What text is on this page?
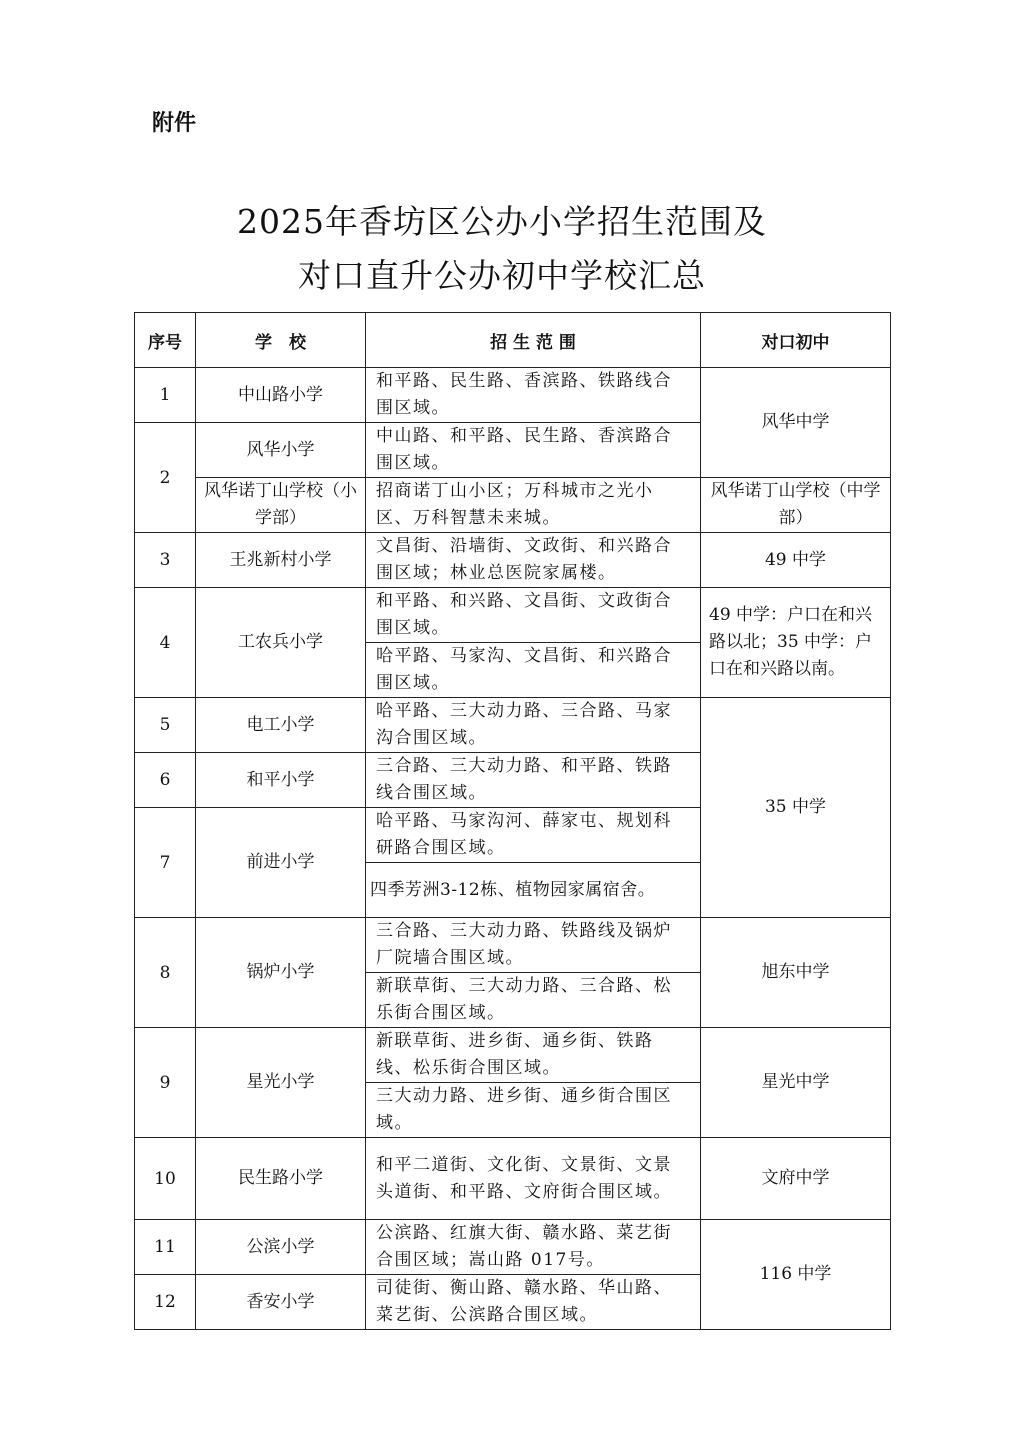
附件
2025年香坊区公办小学招生范围及
对口直升公办初中学校汇总
序号	学　校	招 生 范 围	对口初中
1	中山路小学	和平路、民生路、香滨路、铁路线合围区域。	风华中学
2	风华小学	中山路、和平路、民生路、香滨路合围区域。	
	风华诺丁山学校（小学部）	招商诺丁山小区；万科城市之光小区、万科智慧未来城。	风华诺丁山学校（中学部）
3	王兆新村小学	文昌街、沿墙街、文政街、和兴路合围区域；林业总医院家属楼。	49 中学
4	工农兵小学	和平路、和兴路、文昌街、文政街合围区域。	49 中学：户口在和兴路以北；35 中学：户口在和兴路以南。
		哈平路、马家沟、文昌街、和兴路合围区域。	
5	电工小学	哈平路、三大动力路、三合路、马家沟合围区域。	35 中学
6	和平小学	三合路、三大动力路、和平路、铁路线合围区域。	
7	前进小学	哈平路、马家沟河、薛家屯、规划科研路合围区域。	
		四季芳洲3-12栋、植物园家属宿舍。	
8	锅炉小学	三合路、三大动力路、铁路线及锅炉厂院墙合围区域。	旭东中学
		新联草街、三大动力路、三合路、松乐街合围区域。	
9	星光小学	新联草街、进乡街、通乡街、铁路线、松乐街合围区域。	星光中学
		三大动力路、进乡街、通乡街合围区域。	
10	民生路小学	和平二道街、文化街、文景街、文景头道街、和平路、文府街合围区域。	文府中学
11	公滨小学	公滨路、红旗大街、赣水路、菜艺街合围区域；嵩山路 017号。	116 中学
12	香安小学	司徒街、衡山路、赣水路、华山路、菜艺街、公滨路合围区域。	
